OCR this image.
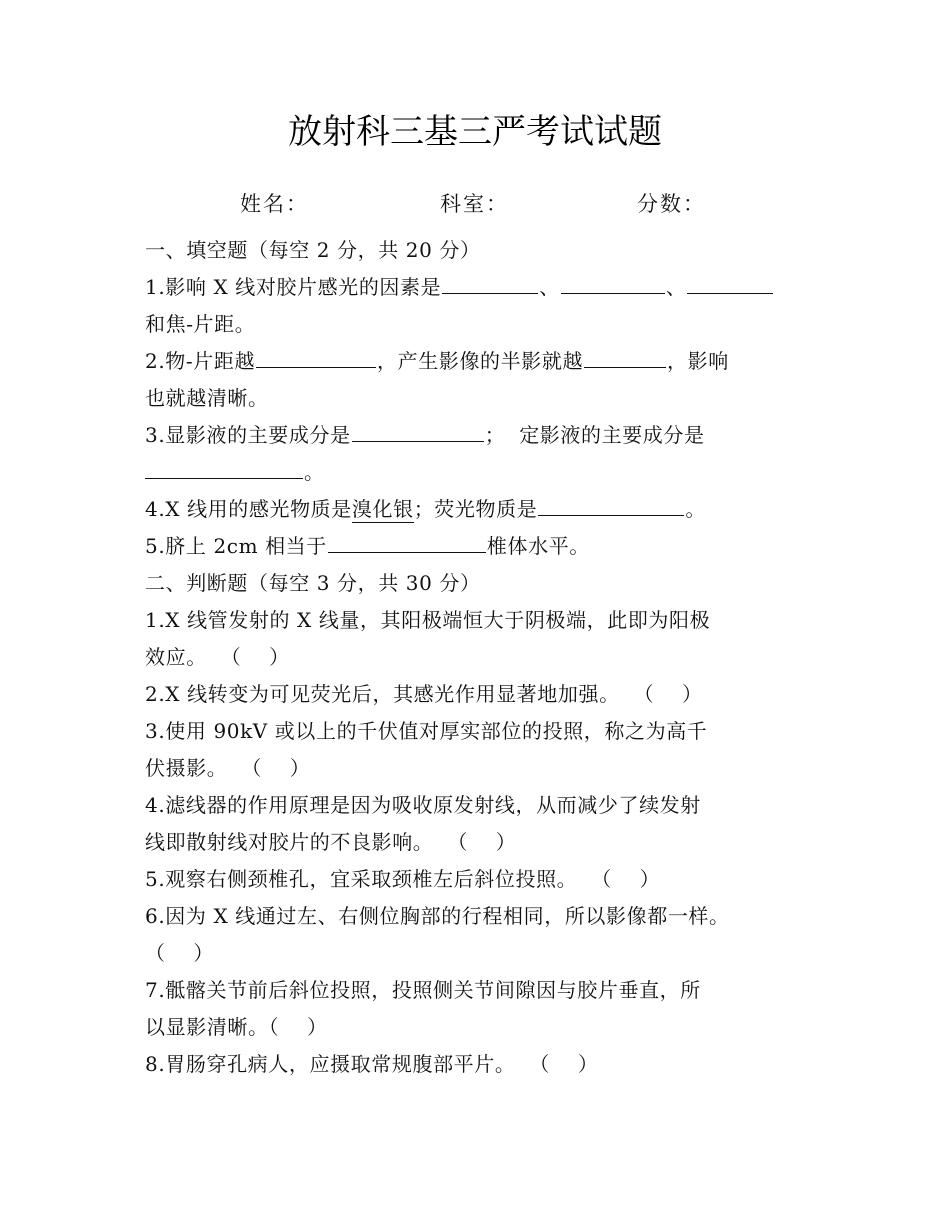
放射科三基三严考试试题
姓名：	科室：	分数：
一、填空题（每空 2 分，共 20 分）
1.影响 X 线对胶片感光的因素是	、	、
和焦-片距。
2.物-片距越	，产生影像的半影就越	，影响
也就越清晰。
3.显影液的主要成分是	；  定影液的主要成分是
。
4.X 线用的感光物质是溴化银；荧光物质是	。
5.脐上 2cm 相当于	椎体水平。
二、判断题（每空 3 分，共 30 分）
1.X 线管发射的 X 线量，其阳极端恒大于阴极端，此即为阳极
效应。  （    ）
2.X 线转变为可见荧光后，其感光作用显著地加强。  （    ）
3.使用 90kV 或以上的千伏值对厚实部位的投照，称之为高千
伏摄影。  （    ）
4.滤线器的作用原理是因为吸收原发射线，从而减少了续发射
线即散射线对胶片的不良影响。  （    ）
5.观察右侧颈椎孔，宜采取颈椎左后斜位投照。  （    ）
6.因为 X 线通过左、右侧位胸部的行程相同，所以影像都一样。
（    ）
7.骶髂关节前后斜位投照，投照侧关节间隙因与胶片垂直，所
以显影清晰。（    ）
8.胃肠穿孔病人，应摄取常规腹部平片。  （    ）
